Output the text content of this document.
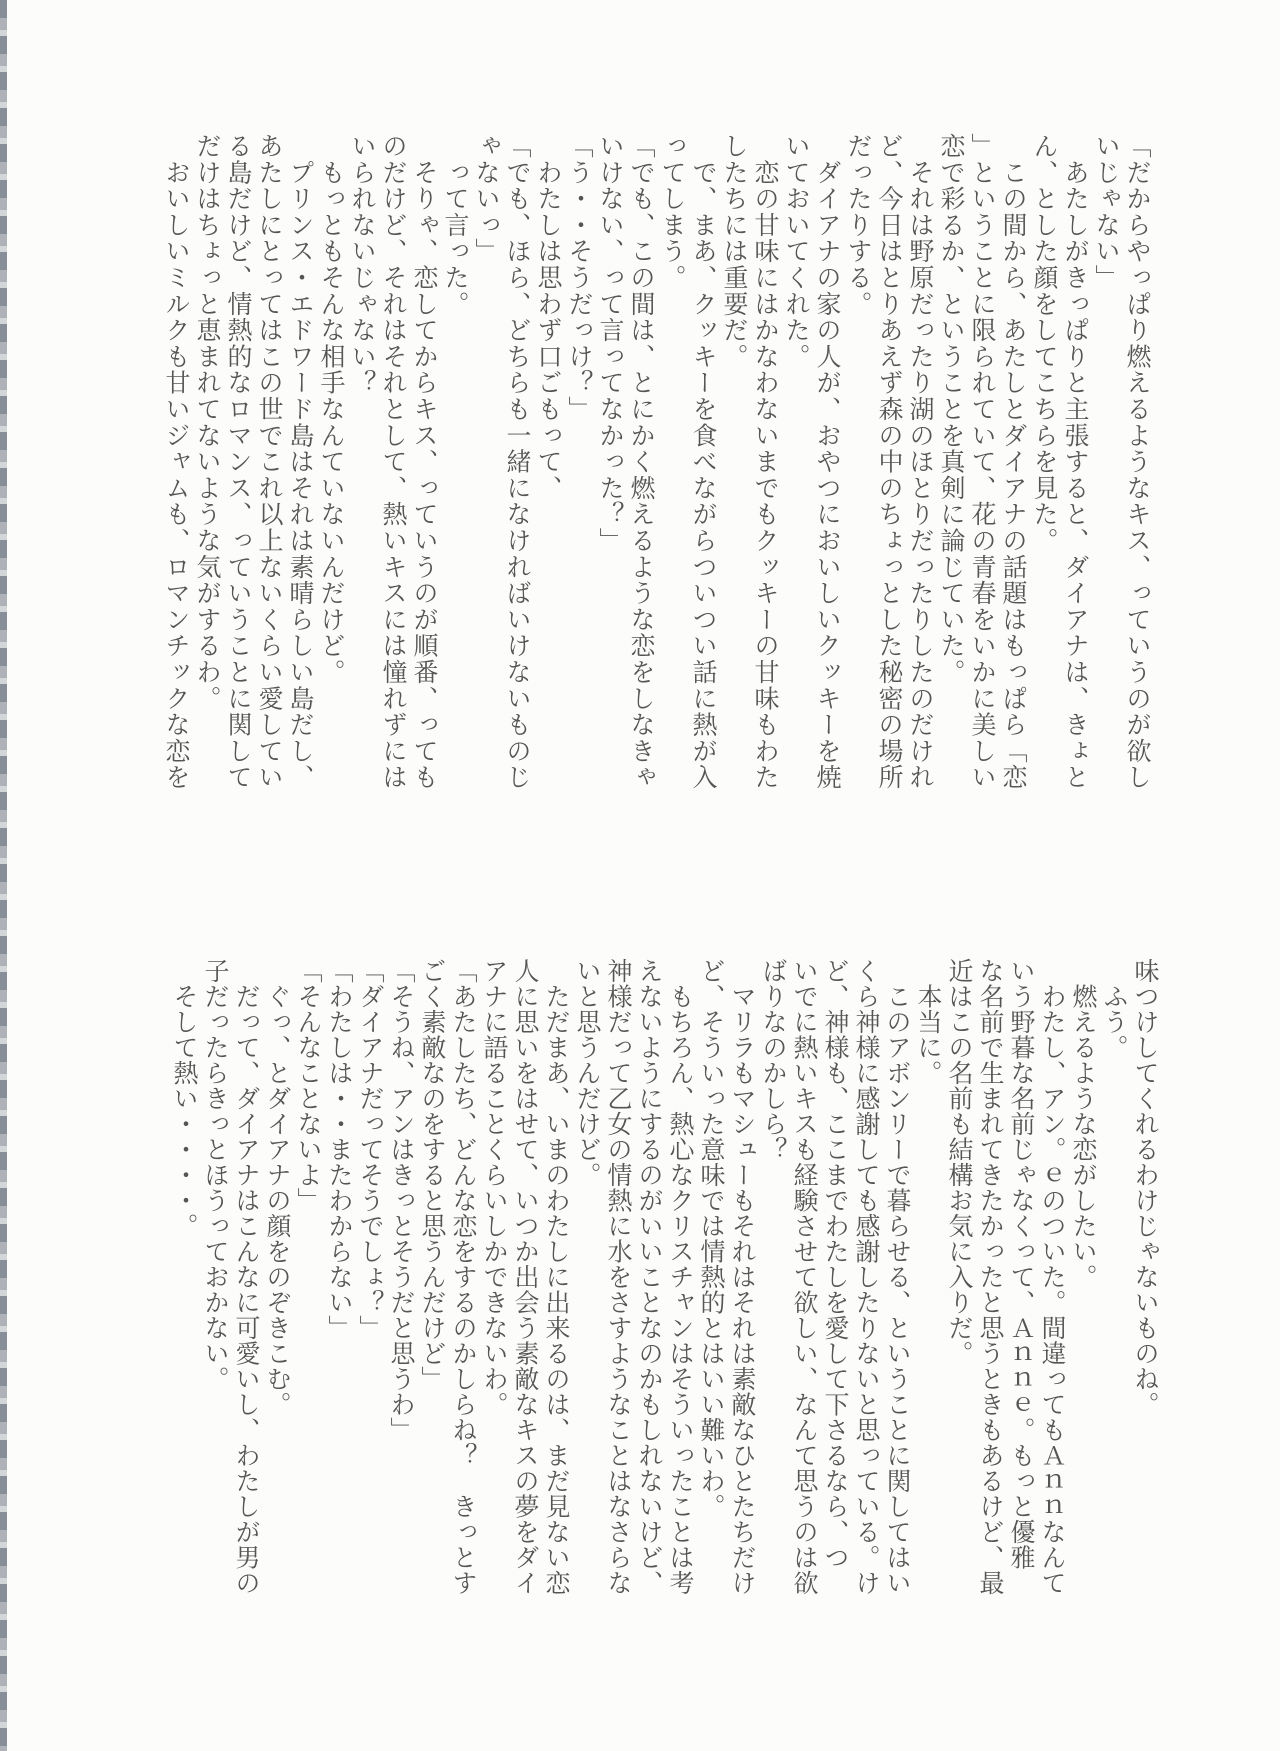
「だからやっぱり燃えるようなキス、っていうのが欲し
いじゃない」
　あたしがきっぱりと主張すると、ダイアナは、きょと
ん、とした顔をしてこちらを見た。
　この間から、あたしとダイアナの話題はもっぱら「恋
」ということに限られていて、花の青春をいかに美しい
恋で彩るか、ということを真剣に論じていた。
　それは野原だったり湖のほとりだったりしたのだけれ
ど、今日はとりあえず森の中のちょっとした秘密の場所
だったりする。
　ダイアナの家の人が、おやつにおいしいクッキーを焼
いておいてくれた。
　恋の甘味にはかなわないまでもクッキーの甘味もわた
したちには重要だ。
　で、まあ、クッキーを食べながらついつい話に熱が入
ってしまう。
「でも、この間は、とにかく燃えるような恋をしなきゃ
いけない、って言ってなかった？」
「う・・そうだっけ？」
　わたしは思わず口ごもって、
「でも、ほら、どちらも一緒になければいけないものじ
ゃないっ」
　って言った。
　そりゃ、恋してからキス、っていうのが順番、っても
のだけど、それはそれとして、熱いキスには憧れずには
いられないじゃない？
　もっともそんな相手なんていないんだけど。
　プリンス・エドワード島はそれは素晴らしい島だし、
あたしにとってはこの世でこれ以上ないくらい愛してい
る島だけど、情熱的なロマンス、っていうことに関して
だけはちょっと恵まれてないような気がするわ。
　おいしいミルクも甘いジャムも、ロマンチックな恋を
味つけしてくれるわけじゃないものね。
　ふう。
　燃えるような恋がしたい。
　わたし、アン。ｅのついた。間違ってもＡｎｎなんて
いう野暮な名前じゃなくって、Ａｎｎｅ。もっと優雅
な名前で生まれてきたかったと思うときもあるけど、最
近はこの名前も結構お気に入りだ。
　本当に。
　このアボンリーで暮らせる、ということに関してはい
くら神様に感謝しても感謝したりないと思っている。け
ど、神様も、ここまでわたしを愛して下さるなら、つ
いでに熱いキスも経験させて欲しい、なんて思うのは欲
ばりなのかしら？
　マリラもマシューもそれはそれは素敵なひとたちだけ
ど、そういった意味では情熱的とはいい難いわ。
　もちろん、熱心なクリスチャンはそういったことは考
えないようにするのがいいことなのかもしれないけど、
神様だって乙女の情熱に水をさすようなことはなさらな
いと思うんだけど。
　ただまあ、いまのわたしに出来るのは、まだ見ない恋
人に思いをはせて、いつか出会う素敵なキスの夢をダイ
アナに語ることくらいしかできないわ。
「あたしたち、どんな恋をするのかしらね？　きっとす
ごく素敵なのをすると思うんだけど」
「そうね、アンはきっとそうだと思うわ」
「ダイアナだってそうでしょ？」
「わたしは・・またわからない」
「そんなことないよ」
　ぐっ、とダイアナの顔をのぞきこむ。
　だって、ダイアナはこんなに可愛いし、わたしが男の
子だったらきっとほうっておかない。
　そして熱い・・・・。
